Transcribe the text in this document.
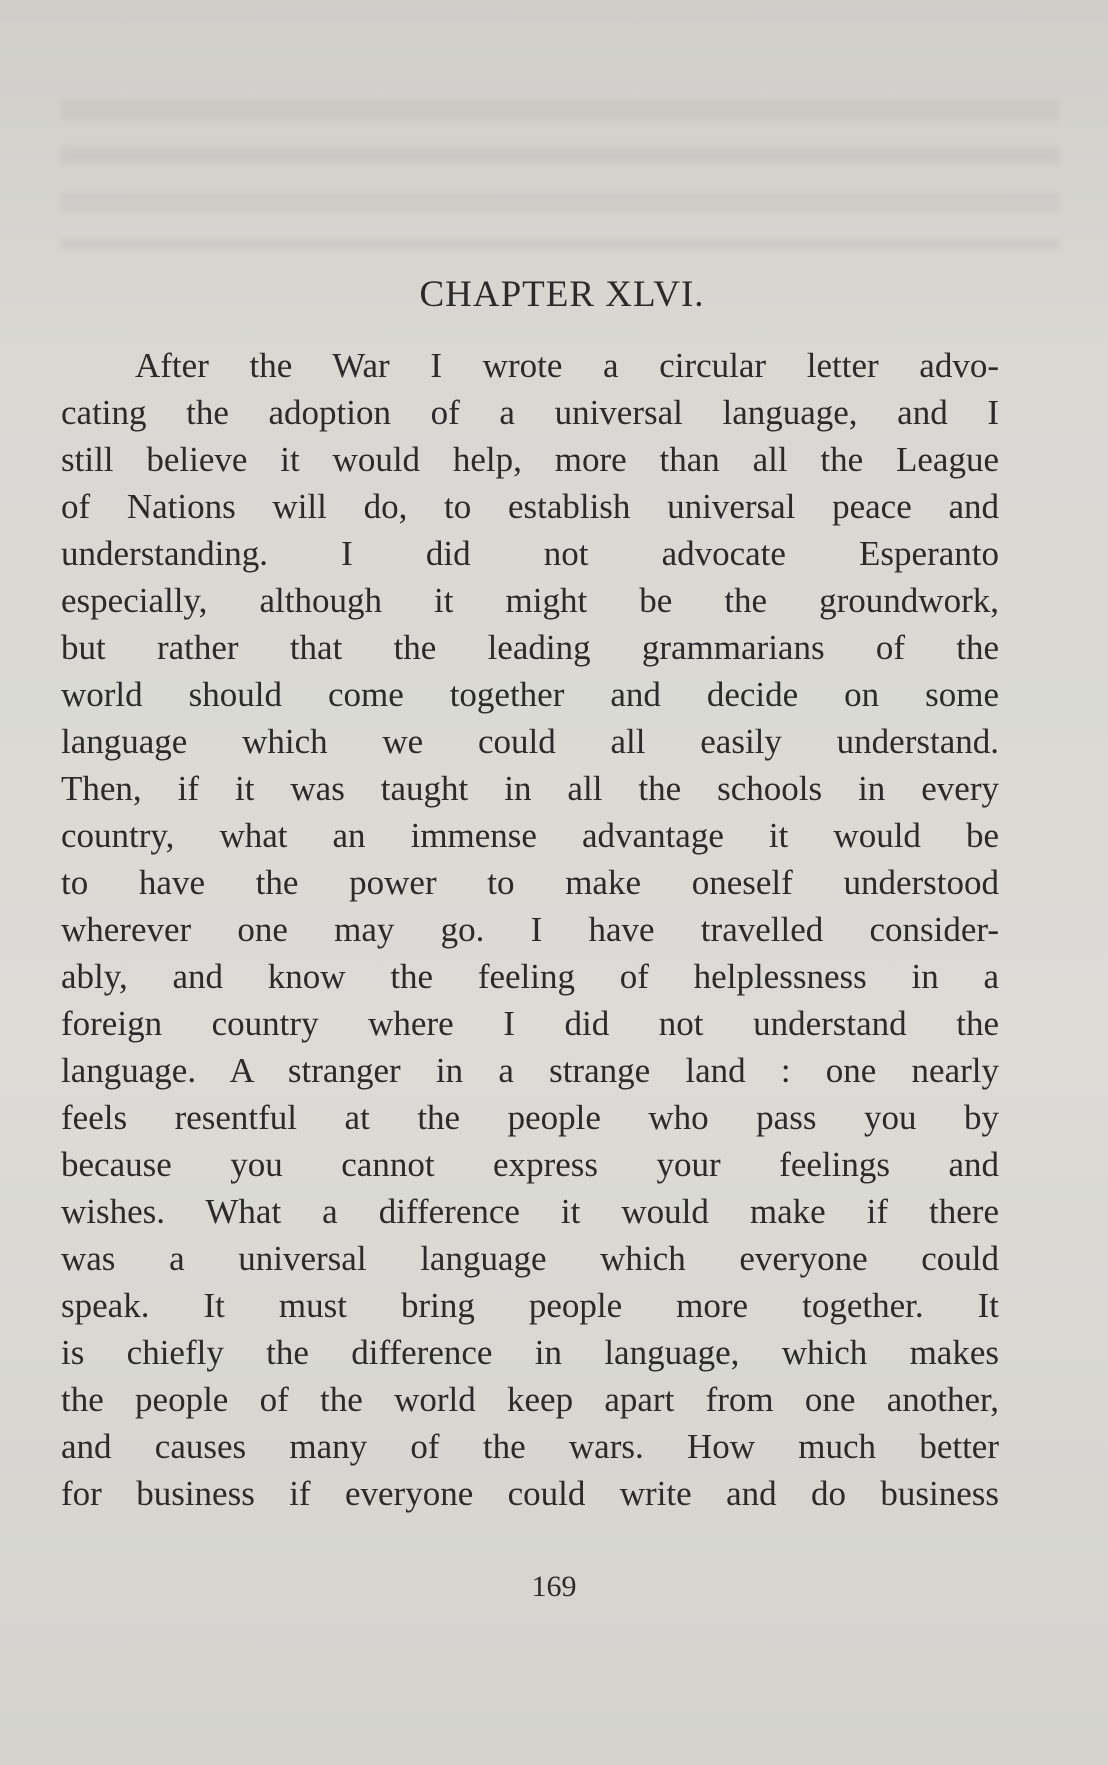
CHAPTER XLVI.
After the War I wrote a circular letter advo-
cating the adoption of a universal language, and I
still believe it would help, more than all the League
of Nations will do, to establish universal peace and
understanding. I did not advocate Esperanto
especially, although it might be the groundwork,
but rather that the leading grammarians of the
world should come together and decide on some
language which we could all easily understand.
Then, if it was taught in all the schools in every
country, what an immense advantage it would be
to have the power to make oneself understood
wherever one may go. I have travelled consider-
ably, and know the feeling of helplessness in a
foreign country where I did not understand the
language. A stranger in a strange land : one nearly
feels resentful at the people who pass you by
because you cannot express your feelings and
wishes. What a difference it would make if there
was a universal language which everyone could
speak. It must bring people more together. It
is chiefly the difference in language, which makes
the people of the world keep apart from one another,
and causes many of the wars. How much better
for business if everyone could write and do business
169
